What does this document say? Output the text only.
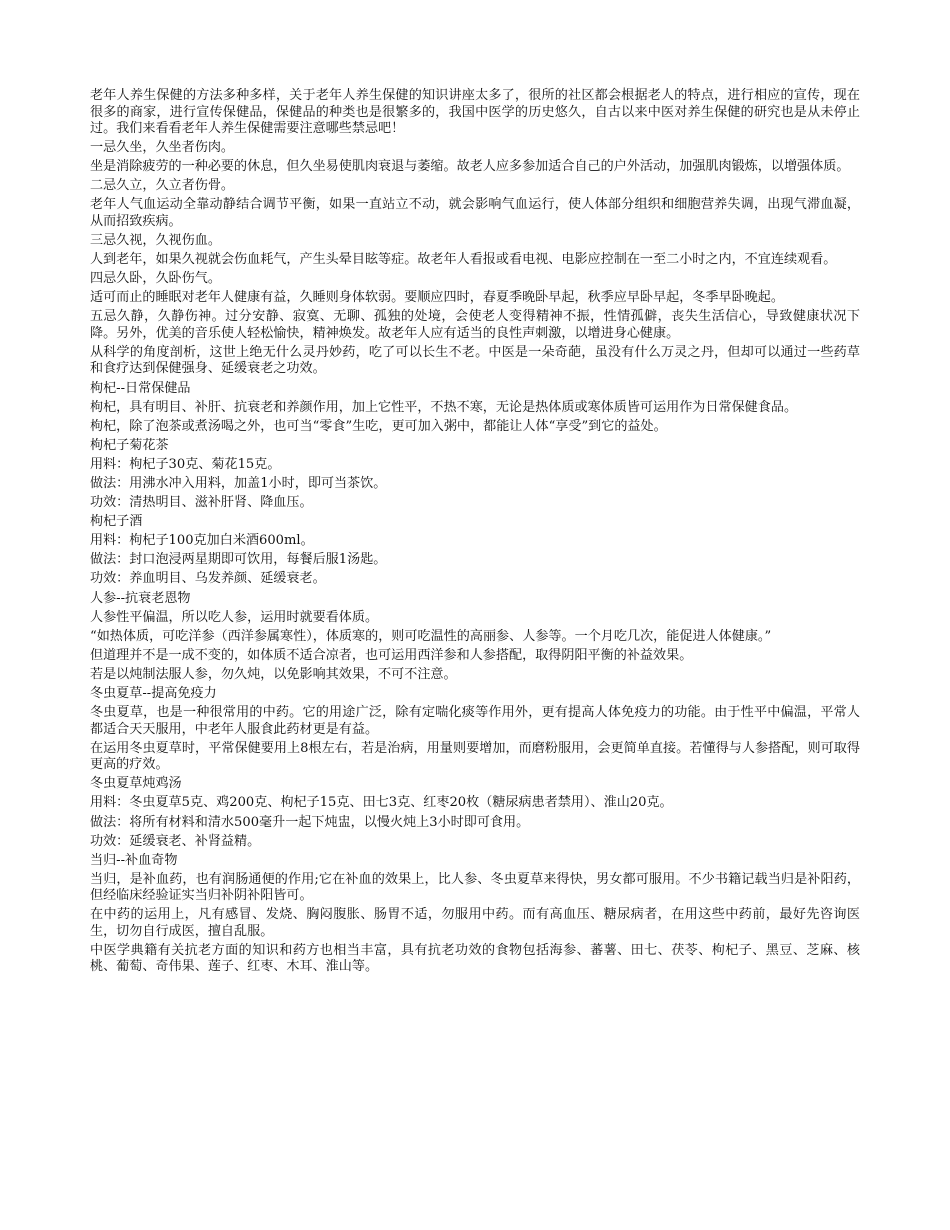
老年人养生保健的方法多种多样，关于老年人养生保健的知识讲座太多了，很所的社区都会根据老人的特点，进行相应的宣传，现在很多的商家，进行宣传保健品，保健品的种类也是很繁多的，我国中医学的历史悠久，自古以来中医对养生保健的研究也是从未停止过。我们来看看老年人养生保健需要注意哪些禁忌吧！

一忌久坐，久坐者伤肉。

坐是消除疲劳的一种必要的休息，但久坐易使肌肉衰退与萎缩。故老人应多参加适合自己的户外活动，加强肌肉锻炼，以增强体质。

二忌久立，久立者伤骨。

老年人气血运动全靠动静结合调节平衡，如果一直站立不动，就会影响气血运行，使人体部分组织和细胞营养失调，出现气滞血凝，从而招致疾病。

三忌久视，久视伤血。

人到老年，如果久视就会伤血耗气，产生头晕目眩等症。故老年人看报或看电视、电影应控制在一至二小时之内，不宜连续观看。

四忌久卧，久卧伤气。

适可而止的睡眠对老年人健康有益，久睡则身体软弱。要顺应四时，春夏季晚卧早起，秋季应早卧早起，冬季早卧晚起。

五忌久静，久静伤神。过分安静、寂寞、无聊、孤独的处境，会使老人变得精神不振，性情孤僻，丧失生活信心，导致健康状况下降。另外，优美的音乐使人轻松愉快，精神焕发。故老年人应有适当的良性声刺激，以增进身心健康。

从科学的角度剖析，这世上绝无什么灵丹妙药，吃了可以长生不老。中医是一朵奇葩，虽没有什么万灵之丹，但却可以通过一些药草和食疗达到保健强身、延缓衰老之功效。

枸杞--日常保健品

枸杞，具有明目、补肝、抗衰老和养颜作用，加上它性平，不热不寒，无论是热体质或寒体质皆可运用作为日常保健食品。

枸杞，除了泡茶或煮汤喝之外，也可当“零食”生吃，更可加入粥中，都能让人体“享受”到它的益处。

枸杞子菊花茶

用料：枸杞子30克、菊花15克。

做法：用沸水冲入用料，加盖1小时，即可当茶饮。

功效：清热明目、滋补肝肾、降血压。

枸杞子酒

用料：枸杞子100克加白米酒600ml。

做法：封口泡浸两星期即可饮用，每餐后服1汤匙。

功效：养血明目、乌发养颜、延缓衰老。

人参--抗衰老恩物

人参性平偏温，所以吃人参，运用时就要看体质。

“如热体质，可吃洋参（西洋参属寒性），体质寒的，则可吃温性的高丽参、人参等。一个月吃几次，能促进人体健康。”

但道理并不是一成不变的，如体质不适合凉者，也可运用西洋参和人参搭配，取得阴阳平衡的补益效果。

若是以炖制法服人参，勿久炖，以免影响其效果，不可不注意。

冬虫夏草--提高免疫力

冬虫夏草，也是一种很常用的中药。它的用途广泛，除有定喘化痰等作用外，更有提高人体免疫力的功能。由于性平中偏温，平常人都适合天天服用，中老年人服食此药材更是有益。

在运用冬虫夏草时，平常保健要用上8根左右，若是治病，用量则要增加，而磨粉服用，会更简单直接。若懂得与人参搭配，则可取得更高的疗效。

冬虫夏草炖鸡汤

用料：冬虫夏草5克、鸡200克、枸杞子15克、田七3克、红枣20枚（糖尿病患者禁用）、淮山20克。

做法：将所有材料和清水500毫升一起下炖盅，以慢火炖上3小时即可食用。

功效：延缓衰老、补肾益精。

当归--补血奇物

当归，是补血药，也有润肠通便的作用;它在补血的效果上，比人参、冬虫夏草来得快，男女都可服用。不少书籍记载当归是补阳药，但经临床经验证实当归补阴补阳皆可。

在中药的运用上，凡有感冒、发烧、胸闷腹胀、肠胃不适，勿服用中药。而有高血压、糖尿病者，在用这些中药前，最好先咨询医生，切勿自行成医，擅自乱服。

中医学典籍有关抗老方面的知识和药方也相当丰富，具有抗老功效的食物包括海参、蕃薯、田七、茯苓、枸杞子、黑豆、芝麻、核桃、葡萄、奇伟果、莲子、红枣、木耳、淮山等。
